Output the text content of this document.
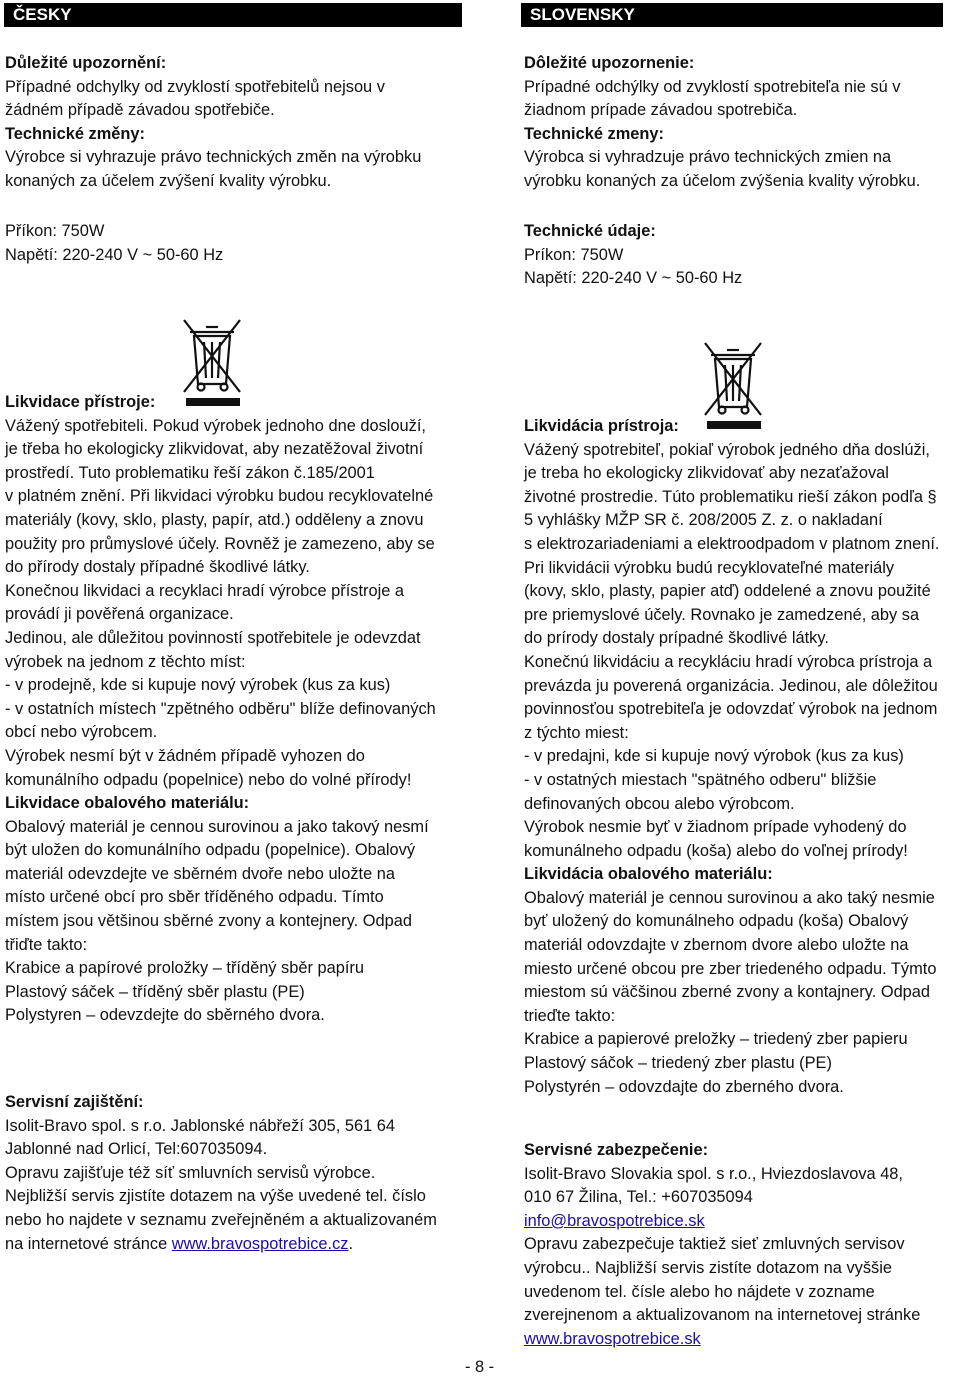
ČESKY	SLOVENSKY
Důležité upozornění:
Případné odchylky od zvyklostí spotřebitelů nejsou v
žádném případě závadou spotřebiče.
Technické změny:
Výrobce si vyhrazuje právo technických změn na výrobku
konaných za účelem zvýšení kvality výrobku.
Příkon: 750W
Napětí: 220-240 V ~ 50-60 Hz
Likvidace přístroje:
Vážený spotřebiteli. Pokud výrobek jednoho dne doslouží,
je třeba ho ekologicky zlikvidovat, aby nezatěžoval životní
prostředí. Tuto problematiku řeší zákon č.185/2001
v platném znění. Při likvidaci výrobku budou recyklovatelné
materiály (kovy, sklo, plasty, papír, atd.) odděleny a znovu
použity pro průmyslové účely. Rovněž je zamezeno, aby se
do přírody dostaly případné škodlivé látky.
Konečnou likvidaci a recyklaci hradí výrobce přístroje a
provádí ji pověřená organizace.
Jedinou, ale důležitou povinností spotřebitele je odevzdat
výrobek na jednom z těchto míst:
- v prodejně, kde si kupuje nový výrobek (kus za kus)
- v ostatních místech "zpětného odběru" blíže definovaných
obcí nebo výrobcem.
Výrobek nesmí být v žádném případě vyhozen do
komunálního odpadu (popelnice) nebo do volné přírody!
Likvidace obalového materiálu:
Obalový materiál je cennou surovinou a jako takový nesmí
být uložen do komunálního odpadu (popelnice). Obalový
materiál odevzdejte ve sběrném dvoře nebo uložte na
místo určené obcí pro sběr tříděného odpadu. Tímto
místem jsou většinou sběrné zvony a kontejnery. Odpad
třiďte takto:
Krabice a papírové proložky – tříděný sběr papíru
Plastový sáček – tříděný sběr plastu (PE)
Polystyren – odevzdejte do sběrného dvora.
Servisní zajištění:
Isolit-Bravo spol. s r.o. Jablonské nábřeží 305, 561 64
Jablonné nad Orlicí, Tel:607035094.
Opravu zajišťuje též síť smluvních servisů výrobce.
Nejbližší servis zjistíte dotazem na výše uvedené tel. číslo
nebo ho najdete v seznamu zveřejněném a aktualizovaném
na internetové stránce www.bravospotrebice.cz.
Dôležité upozornenie:
Prípadné odchýlky od zvyklostí spotrebiteľa nie sú v
žiadnom prípade závadou spotrebiča.
Technické zmeny:
Výrobca si vyhradzuje právo technických zmien na
výrobku konaných za účelom zvýšenia kvality výrobku.
Technické údaje:
Príkon: 750W
Napětí: 220-240 V ~ 50-60 Hz
Likvidácia prístroja:
Vážený spotrebiteľ, pokiaľ výrobok jedného dňa doslúži,
je treba ho ekologicky zlikvidovať aby nezaťažoval
životné prostredie. Túto problematiku rieší zákon podľa §
5 vyhlášky MŽP SR č. 208/2005 Z. z. o nakladaní
s elektrozariadeniami a elektroodpadom v platnom znení.
Pri likvidácii výrobku budú recyklovateľné materiály
(kovy, sklo, plasty, papier atď) oddelené a znovu použité
pre priemyslové účely. Rovnako je zamedzené, aby sa
do prírody dostaly prípadné škodlivé látky.
Konečnú likvidáciu a recykláciu hradí výrobca prístroja a
prevázda ju poverená organizácia. Jedinou, ale dôležitou
povinnosťou spotrebiteľa je odovzdať výrobok na jednom
z týchto miest:
- v predajni, kde si kupuje nový výrobok (kus za kus)
- v ostatných miestach "spätného odberu" bližšie
definovaných obcou alebo výrobcom.
Výrobok nesmie byť v žiadnom prípade vyhodený do
komunálneho odpadu (koša) alebo do voľnej prírody!
Likvidácia obalového materiálu:
Obalový materiál je cennou surovinou a ako taký nesmie
byť uložený do komunálneho odpadu (koša) Obalový
materiál odovzdajte v zbernom dvore alebo uložte na
miesto určené obcou pre zber triedeného odpadu. Týmto
miestom sú väčšinou zberné zvony a kontajnery. Odpad
trieďte takto:
Krabice a papierové preložky – triedený zber papieru
Plastový sáčok – triedený zber plastu (PE)
Polystyrén – odovzdajte do zberného dvora.
Servisné zabezpečenie:
Isolit-Bravo Slovakia spol. s r.o., Hviezdoslavova 48,
010 67 Žilina, Tel.: +607035094
info@bravospotrebice.sk
Opravu zabezpečuje taktiež sieť zmluvných servisov
výrobcu.. Najbližší servis zistíte dotazom na vyššie
uvedenom tel. čísle alebo ho nájdete v zozname
zverejnenom a aktualizovanom na internetovej stránke
www.bravospotrebice.sk
- 8 -
